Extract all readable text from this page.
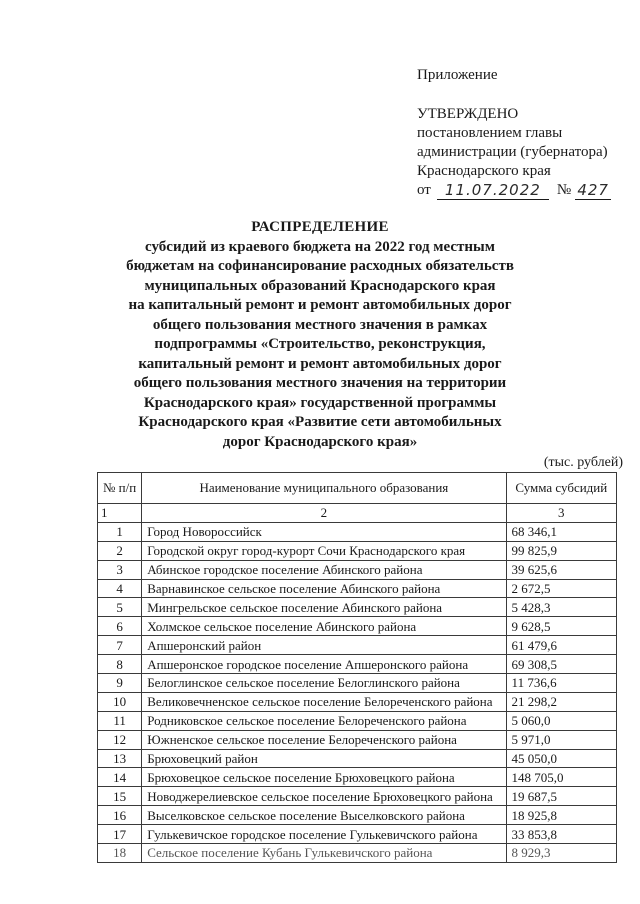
Приложение
УТВЕРЖДЕНО
постановлением главы
администрации (губернатора)
Краснодарского края
от 11.07.2022	№ 427
РАСПРЕДЕЛЕНИЕ
субсидий из краевого бюджета на 2022 год местным
бюджетам на софинансирование расходных обязательств
муниципальных образований Краснодарского края
на капитальный ремонт и ремонт автомобильных дорог
общего пользования местного значения в рамках
подпрограммы «Строительство, реконструкция,
капитальный ремонт и ремонт автомобильных дорог
общего пользования местного значения на территории
Краснодарского края» государственной программы
Краснодарского края «Развитие сети автомобильных
дорог Краснодарского края»
(тыс. рублей)
№ п/п	Наименование муниципального образования	Сумма субсидий
1	2	3
1	Город Новороссийск	68 346,1
2	Городской округ город-курорт Сочи Краснодарского края	99 825,9
3	Абинское городское поселение Абинского района	39 625,6
4	Варнавинское сельское поселение Абинского района	2 672,5
5	Мингрельское сельское поселение Абинского района	5 428,3
6	Холмское сельское поселение Абинского района	9 628,5
7	Апшеронский район	61 479,6
8	Апшеронское городское поселение Апшеронского района	69 308,5
9	Белоглинское сельское поселение Белоглинского района	11 736,6
10	Великовечненское сельское поселение Белореченского района	21 298,2
11	Родниковское сельское поселение Белореченского района	5 060,0
12	Южненское сельское поселение Белореченского района	5 971,0
13	Брюховецкий район	45 050,0
14	Брюховецкое сельское поселение Брюховецкого района	148 705,0
15	Новоджерелиевское сельское поселение Брюховецкого района	19 687,5
16	Выселковское сельское поселение Выселковского района	18 925,8
17	Гулькевичское городское поселение Гулькевичского района	33 853,8
18	Сельское поселение Кубань Гулькевичского района	8 929,3
